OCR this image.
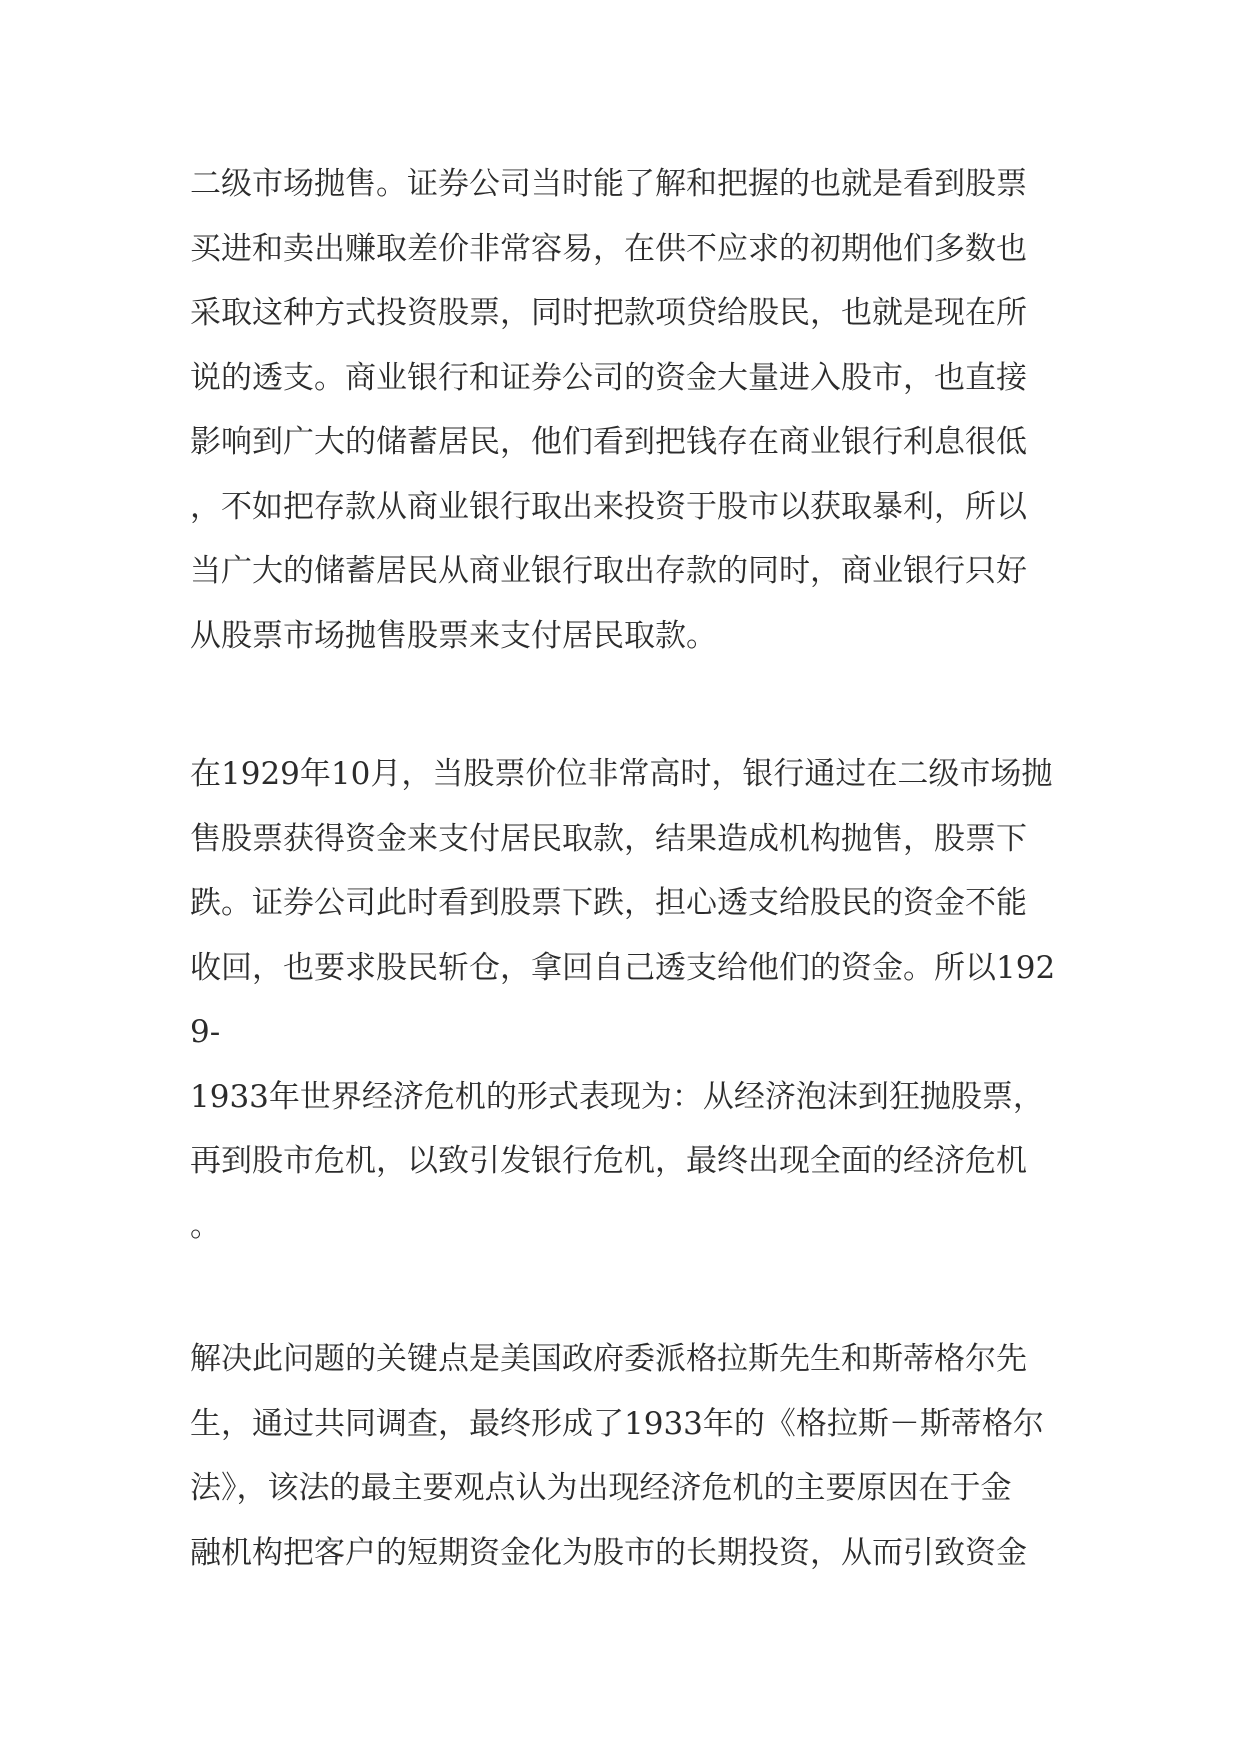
二级市场抛售。证券公司当时能了解和把握的也就是看到股票
买进和卖出赚取差价非常容易，在供不应求的初期他们多数也
采取这种方式投资股票，同时把款项贷给股民，也就是现在所
说的透支。商业银行和证券公司的资金大量进入股市，也直接
影响到广大的储蓄居民，他们看到把钱存在商业银行利息很低
，不如把存款从商业银行取出来投资于股市以获取暴利，所以
当广大的储蓄居民从商业银行取出存款的同时，商业银行只好
从股票市场抛售股票来支付居民取款。
在1929年10月，当股票价位非常高时，银行通过在二级市场抛
售股票获得资金来支付居民取款，结果造成机构抛售，股票下
跌。证券公司此时看到股票下跌，担心透支给股民的资金不能
收回，也要求股民斩仓，拿回自己透支给他们的资金。所以192
9-
1933年世界经济危机的形式表现为：从经济泡沫到狂抛股票，
再到股市危机，以致引发银行危机，最终出现全面的经济危机
。
解决此问题的关键点是美国政府委派格拉斯先生和斯蒂格尔先
生，通过共同调查，最终形成了1933年的《格拉斯－斯蒂格尔
法》，该法的最主要观点认为出现经济危机的主要原因在于金
融机构把客户的短期资金化为股市的长期投资，从而引致资金
